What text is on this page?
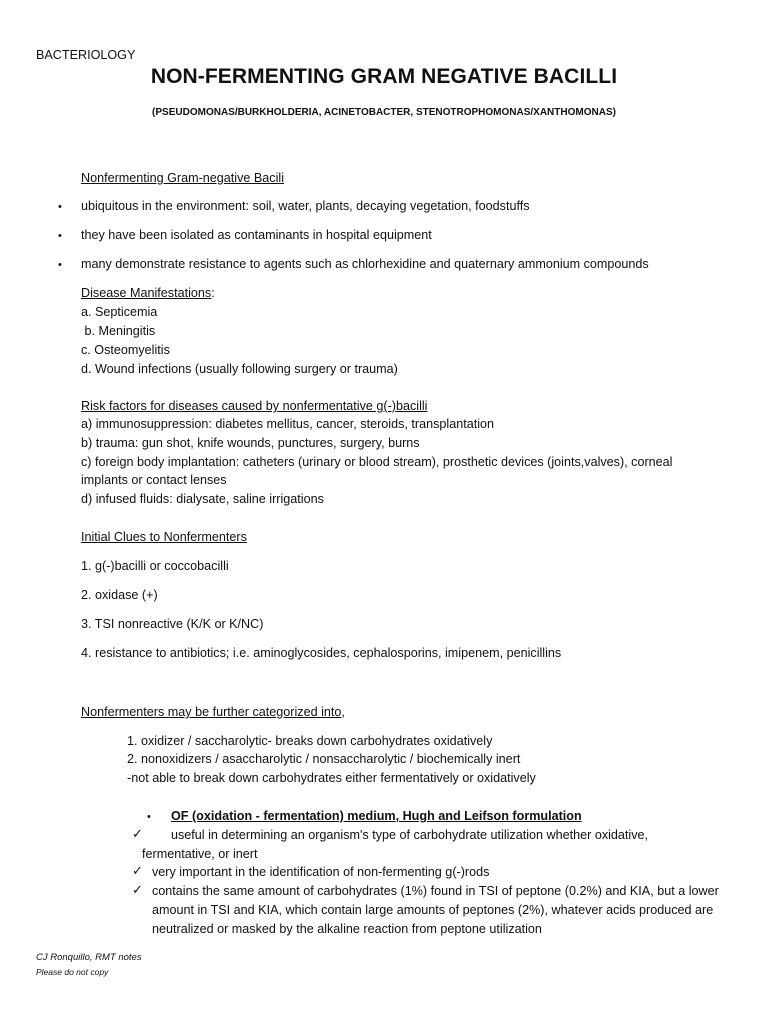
BACTERIOLOGY
NON-FERMENTING GRAM NEGATIVE BACILLI
(PSEUDOMONAS/BURKHOLDERIA, ACINETOBACTER, STENOTROPHOMONAS/XANTHOMONAS)
Nonfermenting Gram-negative Bacili
• ubiquitous in the environment: soil, water, plants, decaying vegetation, foodstuffs
• they have been isolated as contaminants in hospital equipment
• many demonstrate resistance to agents such as chlorhexidine and quaternary ammonium compounds
Disease Manifestations:
a. Septicemia
b. Meningitis
c. Osteomyelitis
d. Wound infections (usually following surgery or trauma)
Risk factors for diseases caused by nonfermentative g(-)bacilli
a) immunosuppression: diabetes mellitus, cancer, steroids, transplantation
b) trauma: gun shot, knife wounds, punctures, surgery, burns
c) foreign body implantation: catheters (urinary or blood stream), prosthetic devices (joints,valves), corneal
implants or contact lenses
d) infused fluids: dialysate, saline irrigations
Initial Clues to Nonfermenters
1. g(-)bacilli or coccobacilli
2. oxidase (+)
3. TSI nonreactive (K/K or K/NC)
4. resistance to antibiotics; i.e. aminoglycosides, cephalosporins, imipenem, penicillins
Nonfermenters may be further categorized into,
1. oxidizer / saccharolytic- breaks down carbohydrates oxidatively
2. nonoxidizers / asaccharolytic / nonsaccharolytic / biochemically inert
-not able to break down carbohydrates either fermentatively or oxidatively
• OF (oxidation - fermentation) medium, Hugh and Leifson formulation
✓ useful in determining an organism's type of carbohydrate utilization whether oxidative,
fermentative, or inert
✓ very important in the identification of non-fermenting g(-)rods
✓ contains the same amount of carbohydrates (1%) found in TSI of peptone (0.2%) and KIA, but a lower
amount in TSI and KIA, which contain large amounts of peptones (2%), whatever acids produced are
neutralized or masked by the alkaline reaction from peptone utilization
CJ Ronquillo, RMT notes
Please do not copy
